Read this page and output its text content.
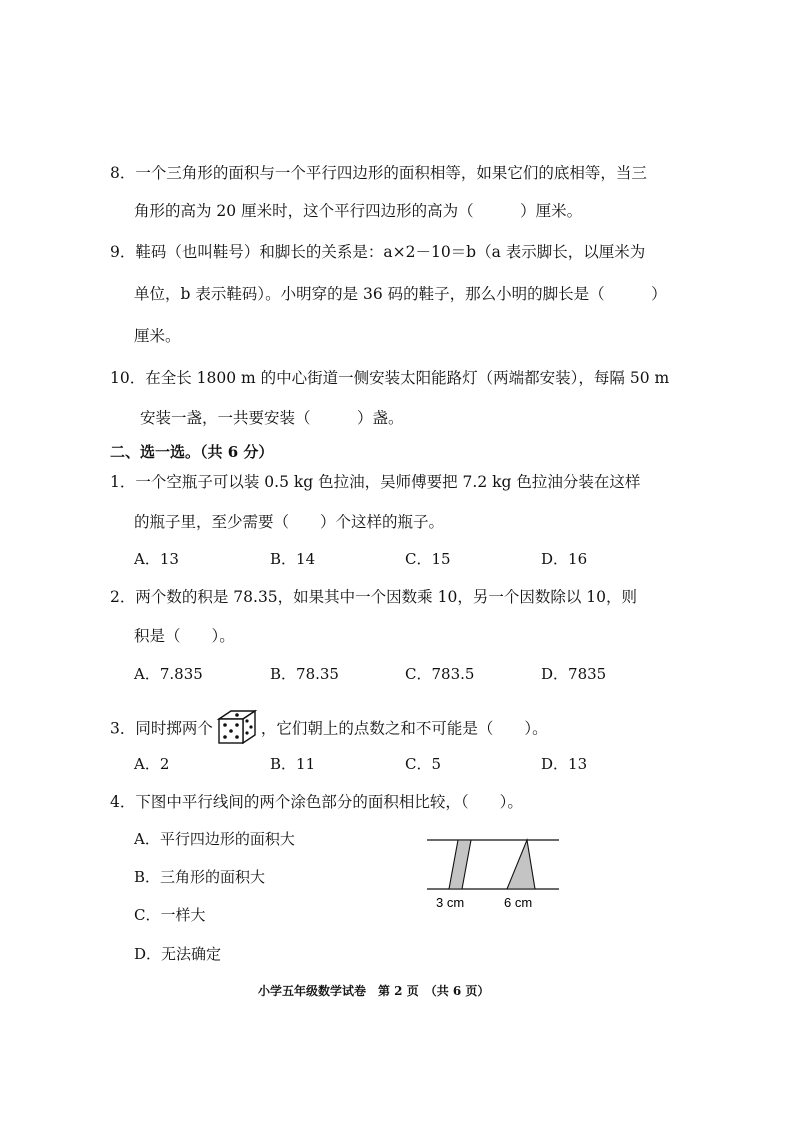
8．一个三角形的面积与一个平行四边形的面积相等，如果它们的底相等，当三
角形的高为 20 厘米时，这个平行四边形的高为（　　　）厘米。
9．鞋码（也叫鞋号）和脚长的关系是：a×2－10＝b（a 表示脚长，以厘米为
单位，b 表示鞋码）。小明穿的是 36 码的鞋子，那么小明的脚长是（　　　）
厘米。
10．在全长 1800 m 的中心街道一侧安装太阳能路灯（两端都安装），每隔 50 m
安装一盏，一共要安装（　　　）盏。
二、选一选。（共 6 分）
1．一个空瓶子可以装 0.5 kg 色拉油，吴师傅要把 7.2 kg 色拉油分装在这样
的瓶子里，至少需要（　　）个这样的瓶子。
A．13	B．14	C．15	D．16
2．两个数的积是 78.35，如果其中一个因数乘 10，另一个因数除以 10，则
积是（　　）。
A．7.835	B．78.35	C．783.5	D．7835
3．同时掷两个	，它们朝上的点数之和不可能是（　　）。
A．2	B．11	C．5	D．13
4．下图中平行线间的两个涂色部分的面积相比较，（　　）。
A．平行四边形的面积大
B．三角形的面积大
C．一样大
D．无法确定
3 cm	6 cm
小学五年级数学试卷　第 2 页　（共 6 页）
